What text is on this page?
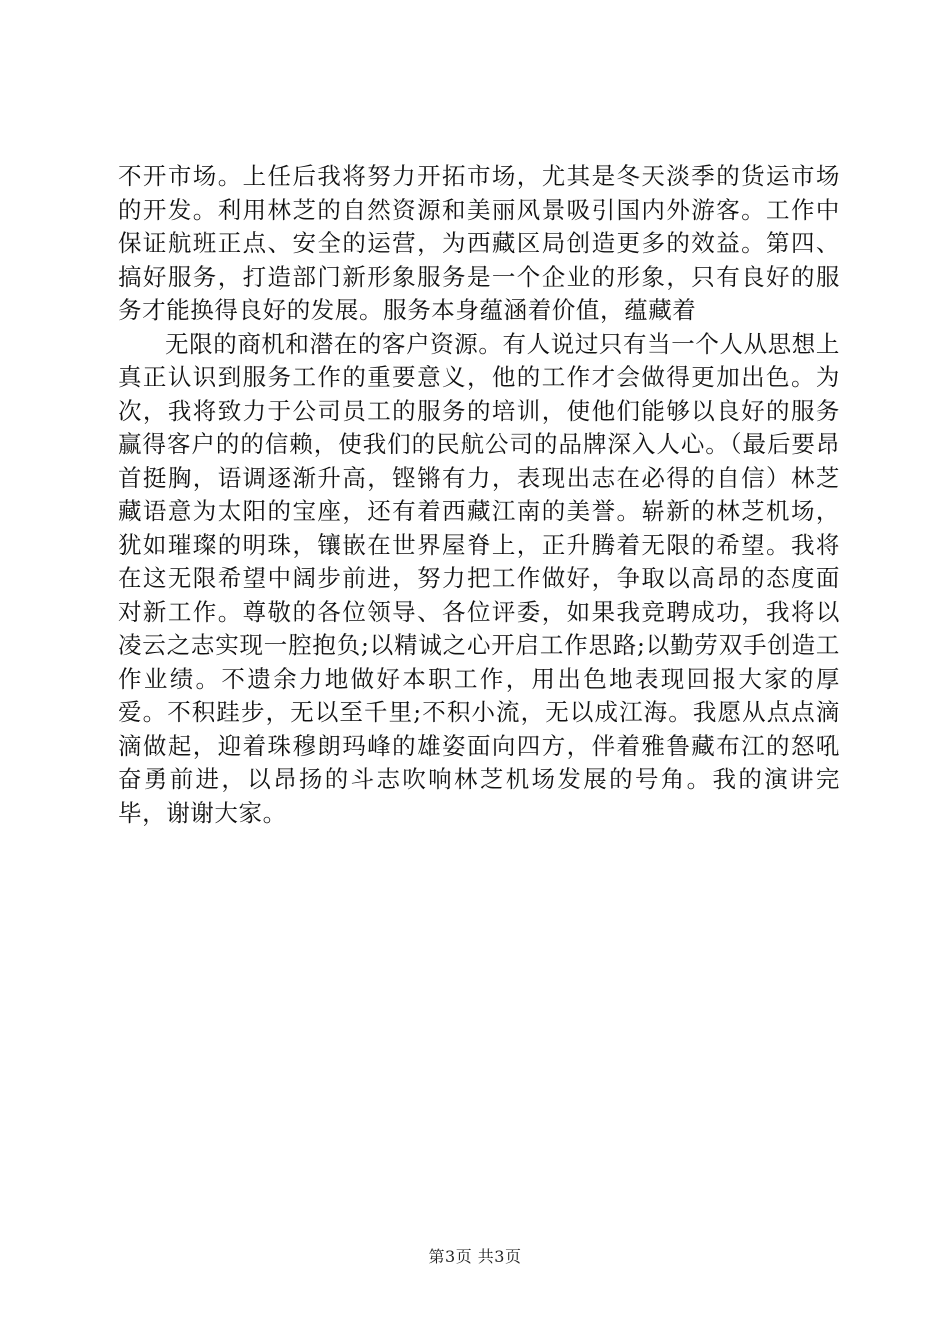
不开市场。上任后我将努力开拓市场，尤其是冬天淡季的货运市场的开发。利用林芝的自然资源和美丽风景吸引国内外游客。工作中保证航班正点、安全的运营，为西藏区局创造更多的效益。第四、搞好服务，打造部门新形象服务是一个企业的形象，只有良好的服务才能换得良好的发展。服务本身蕴涵着价值，蕴藏着

无限的商机和潜在的客户资源。有人说过只有当一个人从思想上真正认识到服务工作的重要意义，他的工作才会做得更加出色。为次，我将致力于公司员工的服务的培训，使他们能够以良好的服务赢得客户的的信赖，使我们的民航公司的品牌深入人心。（最后要昂首挺胸，语调逐渐升高，铿锵有力，表现出志在必得的自信）林芝藏语意为太阳的宝座，还有着西藏江南的美誉。崭新的林芝机场，犹如璀璨的明珠，镶嵌在世界屋脊上，正升腾着无限的希望。我将在这无限希望中阔步前进，努力把工作做好，争取以高昂的态度面对新工作。尊敬的各位领导、各位评委，如果我竞聘成功，我将以凌云之志实现一腔抱负;以精诚之心开启工作思路;以勤劳双手创造工作业绩。不遗余力地做好本职工作，用出色地表现回报大家的厚爱。不积跬步，无以至千里;不积小流，无以成江海。我愿从点点滴滴做起，迎着珠穆朗玛峰的雄姿面向四方，伴着雅鲁藏布江的怒吼奋勇前进，以昂扬的斗志吹响林芝机场发展的号角。我的演讲完毕，谢谢大家。

第3页 共3页
